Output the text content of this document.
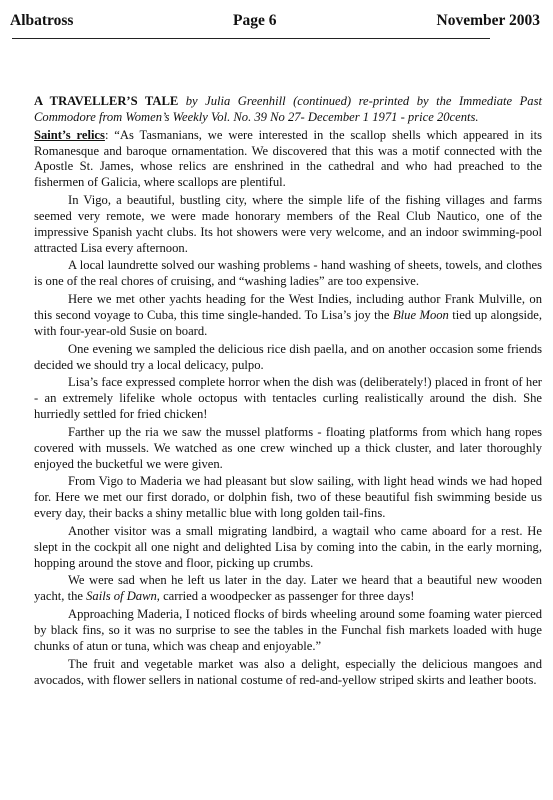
Albatross	Page 6	November 2003

A TRAVELLER’S TALE by Julia Greenhill (continued) re-printed by the Immediate Past Commodore from Women’s Weekly Vol. No. 39 No 27- December 1 1971 - price 20cents.

Saint’s relics: “As Tasmanians, we were interested in the scallop shells which appeared in its Romanesque and baroque ornamentation. We discovered that this was a motif connected with the Apostle St. James, whose relics are enshrined in the cathedral and who had preached to the fishermen of Galicia, where scallops are plentiful.

In Vigo, a beautiful, bustling city, where the simple life of the fishing villages and farms seemed very remote, we were made honorary members of the Real Club Nautico, one of the impressive Spanish yacht clubs. Its hot showers were very welcome, and an indoor swimming-pool attracted Lisa every afternoon.

A local laundrette solved our washing problems - hand washing of sheets, towels, and clothes is one of the real chores of cruising, and “washing ladies” are too expensive.

Here we met other yachts heading for the West Indies, including author Frank Mulville, on this second voyage to Cuba, this time single-handed. To Lisa’s joy the Blue Moon tied up alongside, with four-year-old Susie on board.

One evening we sampled the delicious rice dish paella, and on another occasion some friends decided we should try a local delicacy, pulpo.

Lisa’s face expressed complete horror when the dish was (deliberately!) placed in front of her - an extremely lifelike whole octopus with tentacles curling realistically around the dish. She hurriedly settled for fried chicken!

Farther up the ria we saw the mussel platforms - floating platforms from which hang ropes covered with mussels. We watched as one crew winched up a thick cluster, and later thoroughly enjoyed the bucketful we were given.

From Vigo to Maderia we had pleasant but slow sailing, with light head winds we had hoped for. Here we met our first dorado, or dolphin fish, two of these beautiful fish swimming beside us every day, their backs a shiny metallic blue with long golden tail-fins.

Another visitor was a small migrating landbird, a wagtail who came aboard for a rest. He slept in the cockpit all one night and delighted Lisa by coming into the cabin, in the early morning, hopping around the stove and floor, picking up crumbs.

We were sad when he left us later in the day. Later we heard that a beautiful new wooden yacht, the Sails of Dawn, carried a woodpecker as passenger for three days!

Approaching Maderia, I noticed flocks of birds wheeling around some foaming water pierced by black fins, so it was no surprise to see the tables in the Funchal fish markets loaded with huge chunks of atun or tuna, which was cheap and enjoyable.”

The fruit and vegetable market was also a delight, especially the delicious mangoes and avocados, with flower sellers in national costume of red-and-yellow striped skirts and leather boots.
